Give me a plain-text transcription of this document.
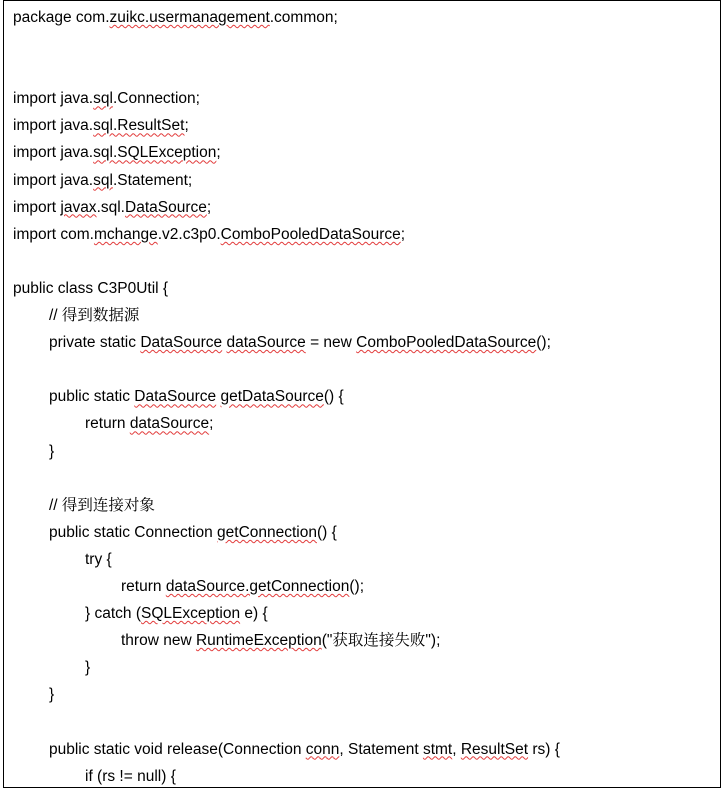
package com.zuikc.usermanagement.common;

import java.sql.Connection;
import java.sql.ResultSet;
import java.sql.SQLException;
import java.sql.Statement;
import javax.sql.DataSource;
import com.mchange.v2.c3p0.ComboPooledDataSource;

public class C3P0Util {
// 得到数据源
private static DataSource dataSource = new ComboPooledDataSource();

public static DataSource getDataSource() {
return dataSource;
}

// 得到连接对象
public static Connection getConnection() {
try {
return dataSource.getConnection();
} catch (SQLException e) {
throw new RuntimeException("获取连接失败");
}
}

public static void release(Connection conn, Statement stmt, ResultSet rs) {
if (rs != null) {
